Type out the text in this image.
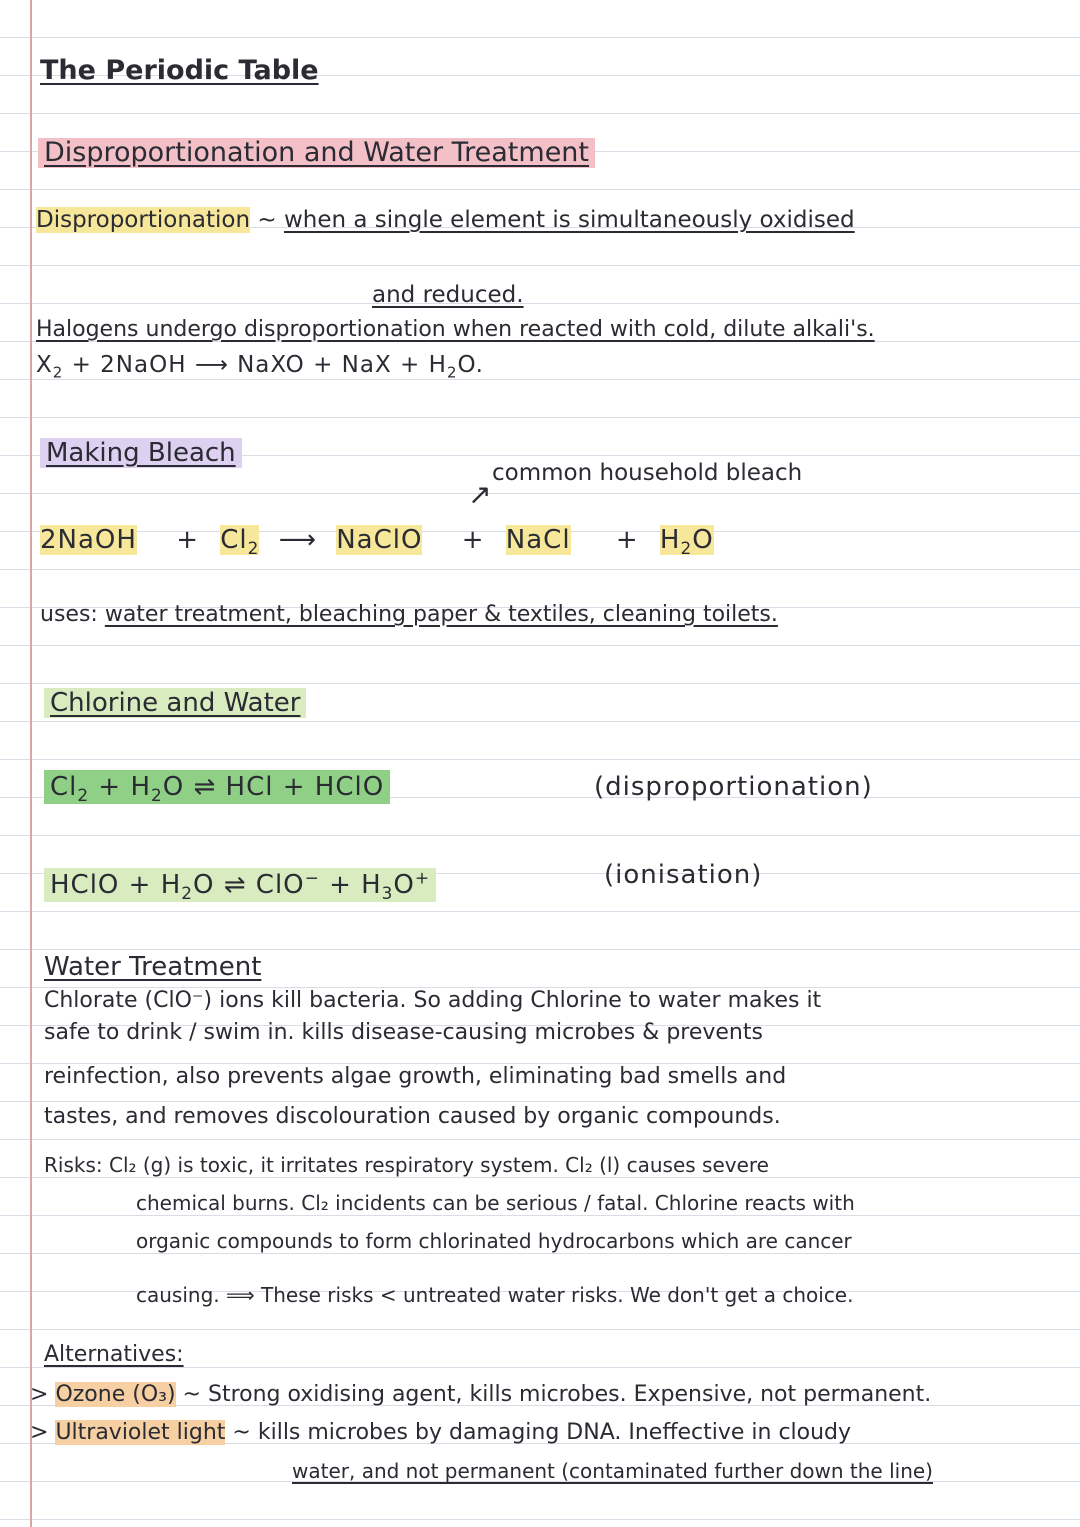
The Periodic Table
Disproportionation and Water Treatment
Disproportionation ~ when a single element is simultaneously oxidised
and reduced.
Halogens undergo disproportionation when reacted with cold, dilute alkali's.
$X_2$ + 2NaOH ⟶ NaXO + NaX + $H_2O$.
Making Bleach
common household bleach
↗
2NaOH + $Cl_2$ ⟶ NaClO + NaCl + $H_2O$
uses: water treatment, bleaching paper & textiles, cleaning toilets.
Chlorine and Water
$Cl_2 + H_2O$ ⇌ HCl + HClO	(disproportionation)
HClO + $H_2O$ ⇌ $ClO^- + H_3O^+$	(ionisation)
Water Treatment
Chlorate (ClO⁻) ions kill bacteria. So adding Chlorine to water makes it
safe to drink / swim in. kills disease-causing microbes & prevents
reinfection, also prevents algae growth, eliminating bad smells and
tastes, and removes discolouration caused by organic compounds.
Risks: Cl₂ (g) is toxic, it irritates respiratory system. Cl₂ (l) causes severe
chemical burns. Cl₂ incidents can be serious / fatal. Chlorine reacts with
organic compounds to form chlorinated hydrocarbons which are cancer
causing. ⟹ These risks < untreated water risks. We don't get a choice.
Alternatives:
> Ozone (O₃) ~ Strong oxidising agent, kills microbes. Expensive, not permanent.
> Ultraviolet light ~ kills microbes by damaging DNA. Ineffective in cloudy
water, and not permanent (contaminated further down the line)
